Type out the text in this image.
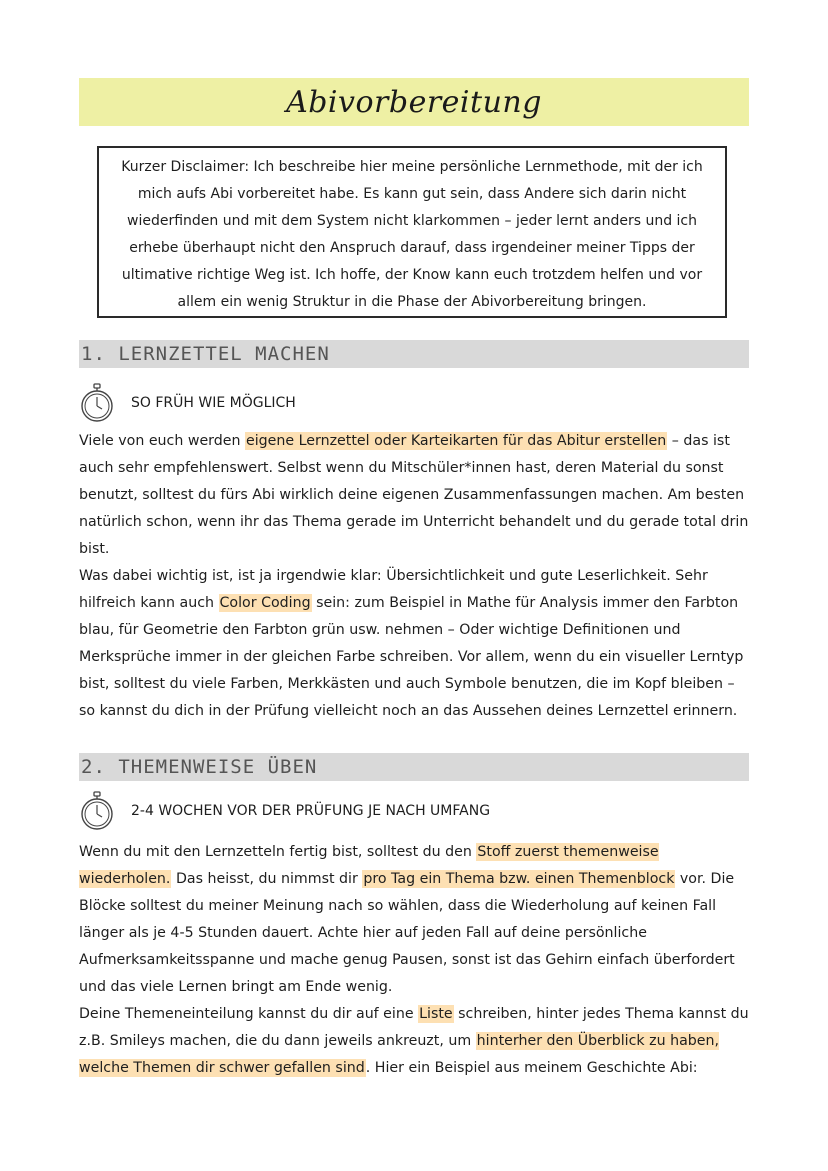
Abivorbereitung
Kurzer Disclaimer: Ich beschreibe hier meine persönliche Lernmethode, mit der ich mich aufs Abi vorbereitet habe. Es kann gut sein, dass Andere sich darin nicht wiederfinden und mit dem System nicht klarkommen – jeder lernt anders und ich erhebe überhaupt nicht den Anspruch darauf, dass irgendeiner meiner Tipps der ultimative richtige Weg ist. Ich hoffe, der Know kann euch trotzdem helfen und vor allem ein wenig Struktur in die Phase der Abivorbereitung bringen.
1. LERNZETTEL MACHEN
SO FRÜH WIE MÖGLICH

Viele von euch werden eigene Lernzettel oder Karteikarten für das Abitur erstellen – das ist auch sehr empfehlenswert. Selbst wenn du Mitschüler*innen hast, deren Material du sonst benutzt, solltest du fürs Abi wirklich deine eigenen Zusammenfassungen machen. Am besten natürlich schon, wenn ihr das Thema gerade im Unterricht behandelt und du gerade total drin bist.

Was dabei wichtig ist, ist ja irgendwie klar: Übersichtlichkeit und gute Leserlichkeit. Sehr hilfreich kann auch Color Coding sein: zum Beispiel in Mathe für Analysis immer den Farbton blau, für Geometrie den Farbton grün usw. nehmen – Oder wichtige Definitionen und Merksprüche immer in der gleichen Farbe schreiben. Vor allem, wenn du ein visueller Lerntyp bist, solltest du viele Farben, Merkkästen und auch Symbole benutzen, die im Kopf bleiben – so kannst du dich in der Prüfung vielleicht noch an das Aussehen deines Lernzettel erinnern.

2. THEMENWEISE ÜBEN
2-4 WOCHEN VOR DER PRÜFUNG JE NACH UMFANG

Wenn du mit den Lernzetteln fertig bist, solltest du den Stoff zuerst themenweise wiederholen. Das heisst, du nimmst dir pro Tag ein Thema bzw. einen Themenblock vor. Die Blöcke solltest du meiner Meinung nach so wählen, dass die Wiederholung auf keinen Fall länger als je 4-5 Stunden dauert. Achte hier auf jeden Fall auf deine persönliche Aufmerksamkeitsspanne und mache genug Pausen, sonst ist das Gehirn einfach überfordert und das viele Lernen bringt am Ende wenig.

Deine Themeneinteilung kannst du dir auf eine Liste schreiben, hinter jedes Thema kannst du z.B. Smileys machen, die du dann jeweils ankreuzt, um hinterher den Überblick zu haben, welche Themen dir schwer gefallen sind. Hier ein Beispiel aus meinem Geschichte Abi:
